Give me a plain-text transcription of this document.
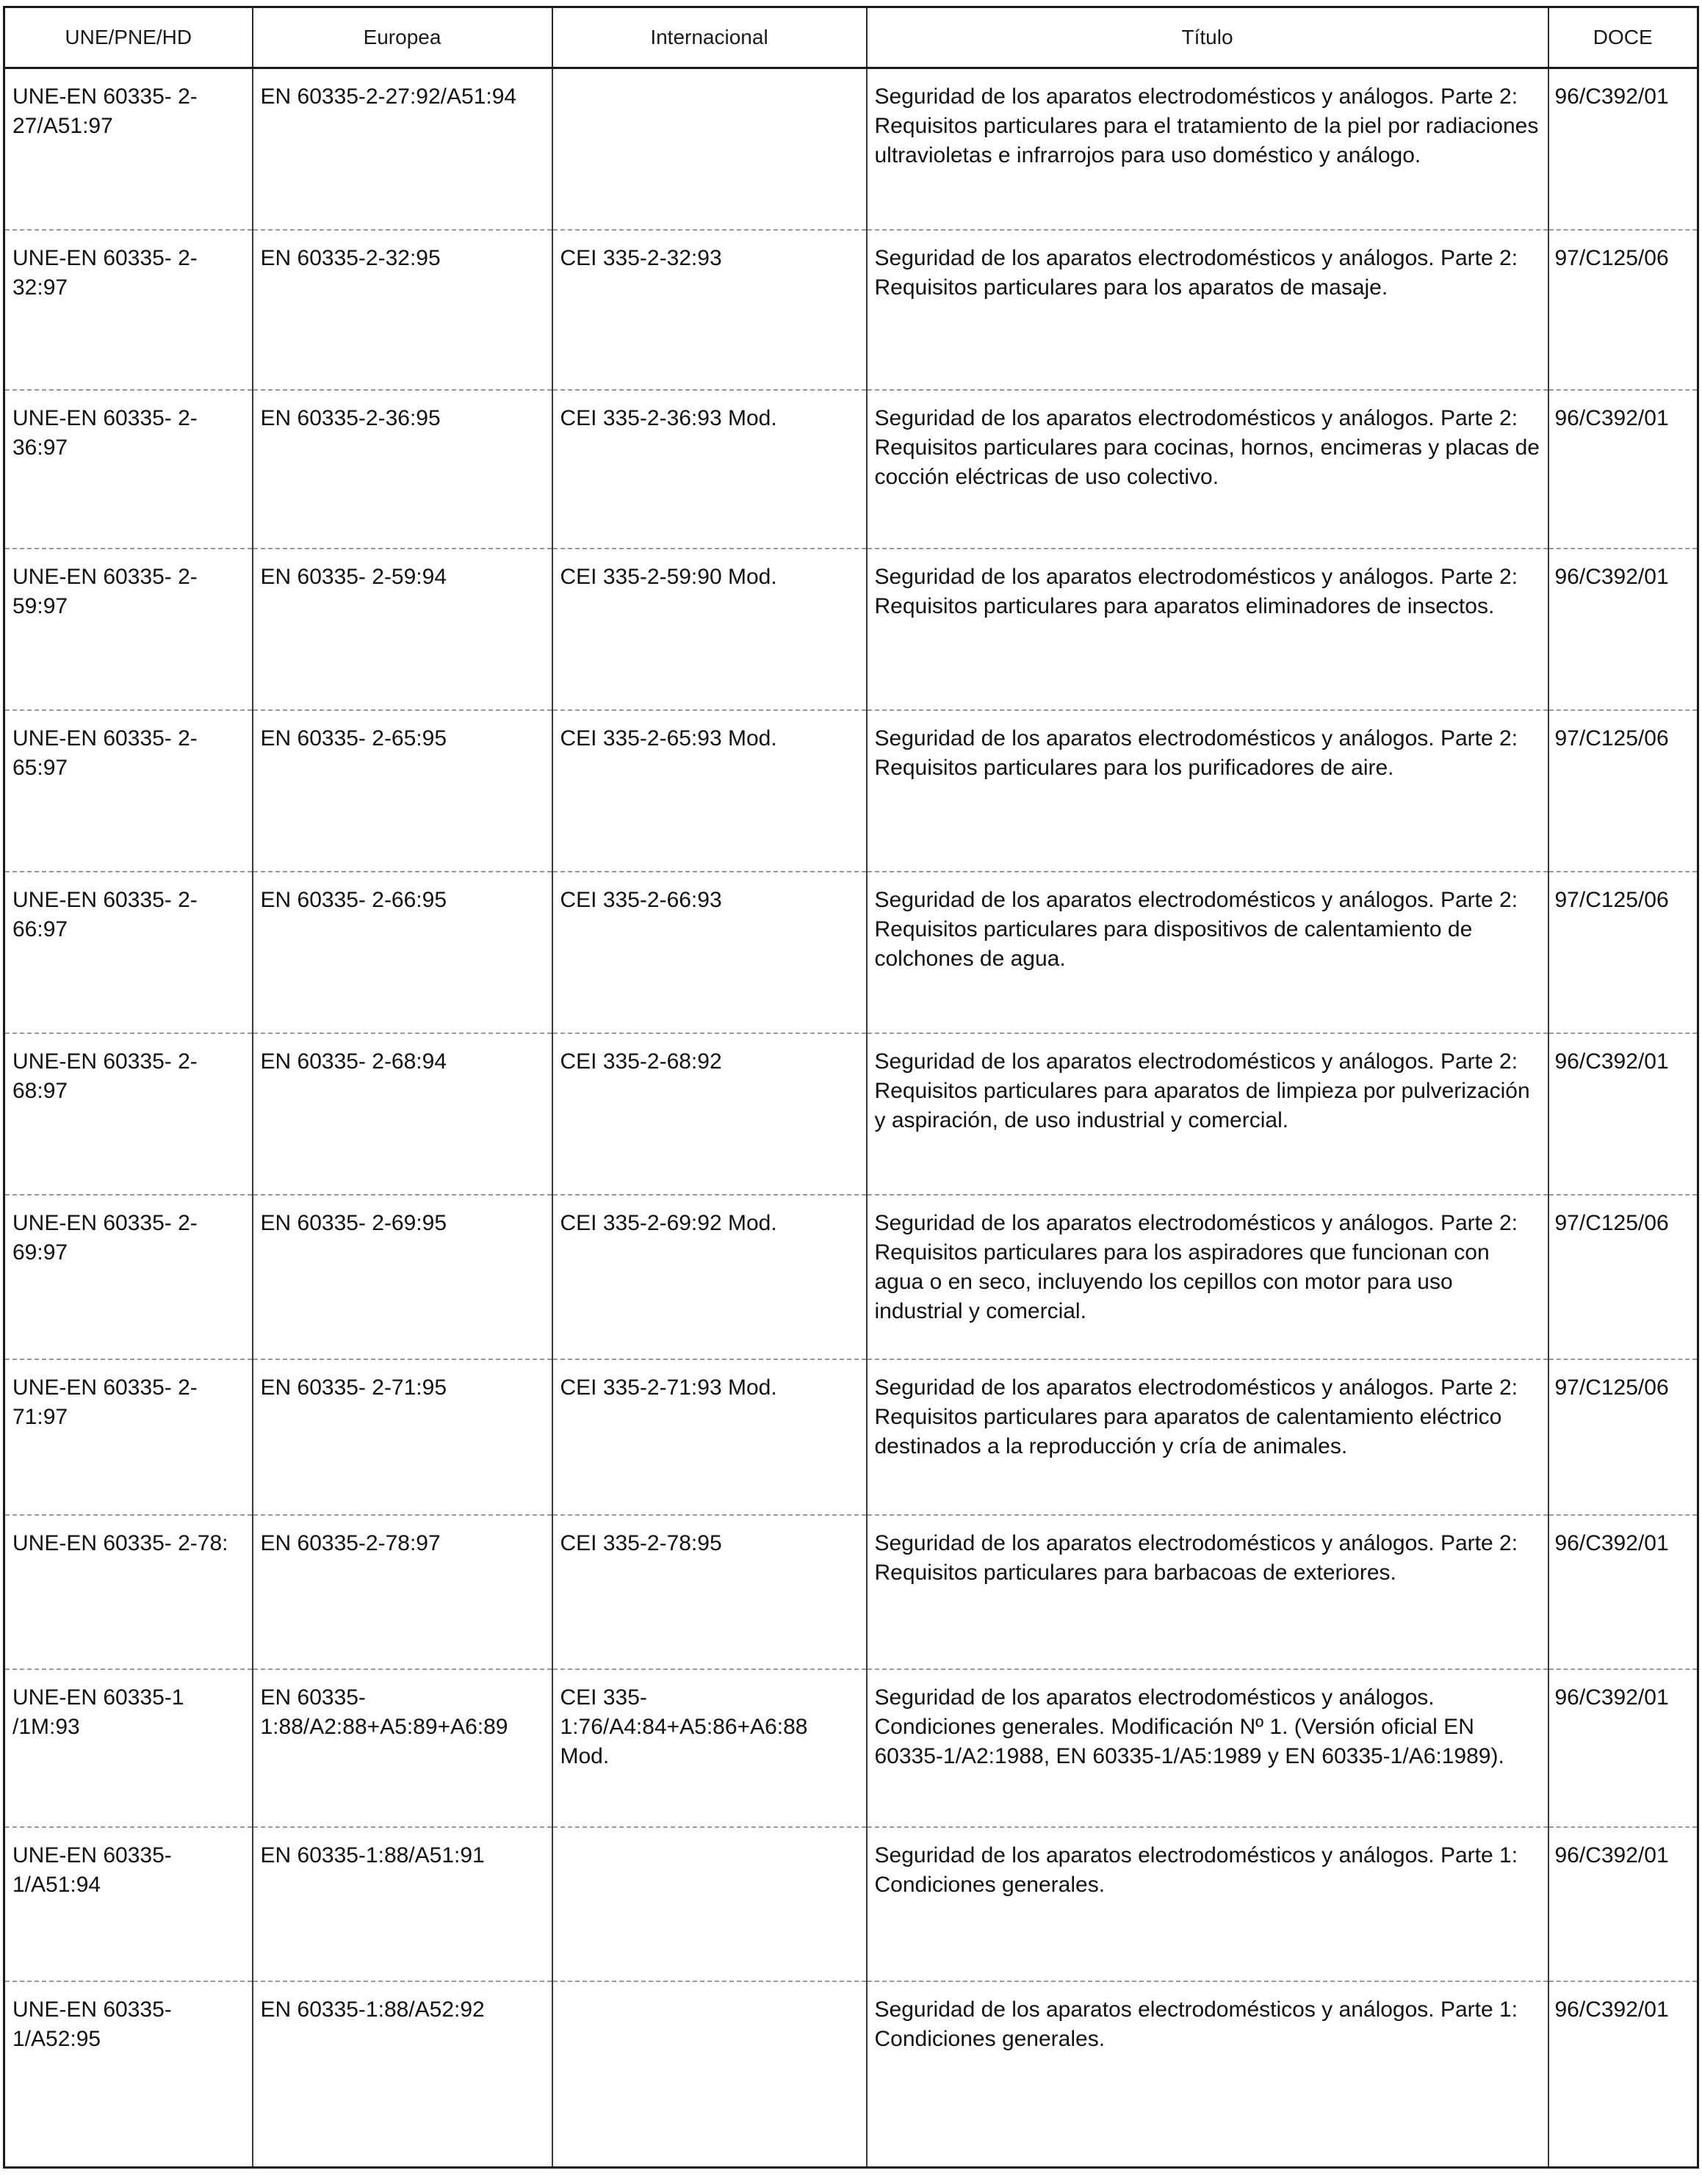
UNE/PNE/HD	Europea	Internacional	Título	DOCE
UNE-EN 60335- 2-27/A51:97	EN 60335-2-27:92/A51:94		Seguridad de los aparatos electrodomésticos y análogos. Parte 2: Requisitos particulares para el tratamiento de la piel por radiaciones ultravioletas e infrarrojos para uso doméstico y análogo.	96/C392/01
UNE-EN 60335- 2-32:97	EN 60335-2-32:95	CEI 335-2-32:93	Seguridad de los aparatos electrodomésticos y análogos. Parte 2: Requisitos particulares para los aparatos de masaje.	97/C125/06
UNE-EN 60335- 2-36:97	EN 60335-2-36:95	CEI 335-2-36:93 Mod.	Seguridad de los aparatos electrodomésticos y análogos. Parte 2: Requisitos particulares para cocinas, hornos, encimeras y placas de cocción eléctricas de uso colectivo.	96/C392/01
UNE-EN 60335- 2-59:97	EN 60335- 2-59:94	CEI 335-2-59:90 Mod.	Seguridad de los aparatos electrodomésticos y análogos. Parte 2: Requisitos particulares para aparatos eliminadores de insectos.	96/C392/01
UNE-EN 60335- 2-65:97	EN 60335- 2-65:95	CEI 335-2-65:93 Mod.	Seguridad de los aparatos electrodomésticos y análogos. Parte 2: Requisitos particulares para los purificadores de aire.	97/C125/06
UNE-EN 60335- 2-66:97	EN 60335- 2-66:95	CEI 335-2-66:93	Seguridad de los aparatos electrodomésticos y análogos. Parte 2: Requisitos particulares para dispositivos de calentamiento de colchones de agua.	97/C125/06
UNE-EN 60335- 2-68:97	EN 60335- 2-68:94	CEI 335-2-68:92	Seguridad de los aparatos electrodomésticos y análogos. Parte 2: Requisitos particulares para aparatos de limpieza por pulverización y aspiración, de uso industrial y comercial.	96/C392/01
UNE-EN 60335- 2-69:97	EN 60335- 2-69:95	CEI 335-2-69:92 Mod.	Seguridad de los aparatos electrodomésticos y análogos. Parte 2: Requisitos particulares para los aspiradores que funcionan con agua o en seco, incluyendo los cepillos con motor para uso industrial y comercial.	97/C125/06
UNE-EN 60335- 2-71:97	EN 60335- 2-71:95	CEI 335-2-71:93 Mod.	Seguridad de los aparatos electrodomésticos y análogos. Parte 2: Requisitos particulares para aparatos de calentamiento eléctrico destinados a la reproducción y cría de animales.	97/C125/06
UNE-EN 60335- 2-78:	EN 60335-2-78:97	CEI 335-2-78:95	Seguridad de los aparatos electrodomésticos y análogos. Parte 2: Requisitos particulares para barbacoas de exteriores.	96/C392/01
UNE-EN 60335-1 /1M:93	EN 60335-1:88/A2:88+A5:89+A6:89	CEI 335-1:76/A4:84+A5:86+A6:88 Mod.	Seguridad de los aparatos electrodomésticos y análogos. Condiciones generales. Modificación Nº 1. (Versión oficial EN 60335-1/A2:1988, EN 60335-1/A5:1989 y EN 60335-1/A6:1989).	96/C392/01
UNE-EN 60335-1/A51:94	EN 60335-1:88/A51:91		Seguridad de los aparatos electrodomésticos y análogos. Parte 1: Condiciones generales.	96/C392/01
UNE-EN 60335-1/A52:95	EN 60335-1:88/A52:92		Seguridad de los aparatos electrodomésticos y análogos. Parte 1: Condiciones generales.	96/C392/01
